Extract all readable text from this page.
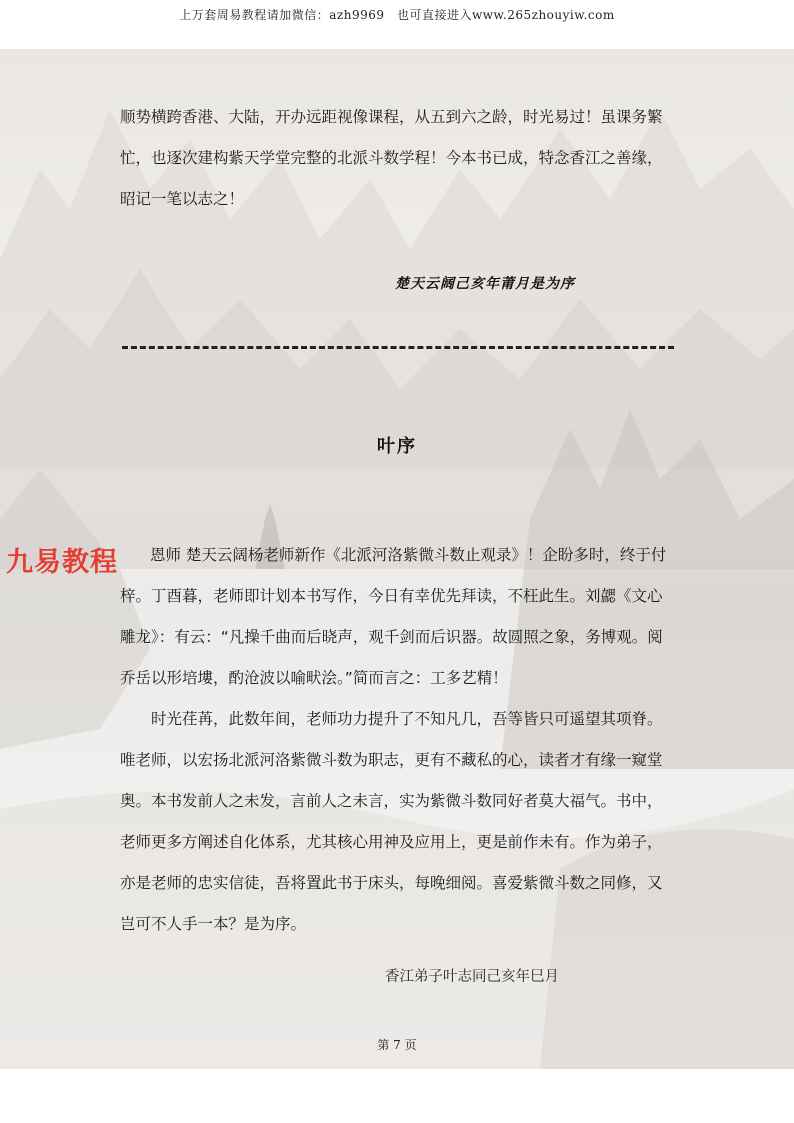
上万套周易教程请加微信：azh9969　也可直接进入www.265zhouyiw.com
顺势横跨香港、大陆，开办远距视像课程，从五到六之龄，时光易过！虽课务繁忙，也逐次建构紫天学堂完整的北派斗数学程！今本书已成，特念香江之善缘，昭记一笔以志之！
楚天云阔己亥年莆月是为序
叶序
九易教程	恩师 楚天云阔杨老师新作《北派河洛紫微斗数止观录》！企盼多时，终于付梓。丁酉暮，老师即计划本书写作，今日有幸优先拜读，不枉此生。刘勰《文心雕龙》：有云：“凡操千曲而后晓声，观千剑而后识器。故圆照之象，务博观。阅乔岳以形培塿，酌沧波以喻畎浍。”简而言之：工多艺精！
时光荏苒，此数年间，老师功力提升了不知凡几，吾等皆只可遥望其项脊。唯老师，以宏扬北派河洛紫微斗数为职志，更有不藏私的心，读者才有缘一窥堂奥。本书发前人之未发，言前人之未言，实为紫微斗数同好者莫大福气。书中，老师更多方阐述自化体系，尤其核心用神及应用上，更是前作未有。作为弟子，亦是老师的忠实信徒，吾将置此书于床头，每晚细阅。喜爱紫微斗数之同修，又岂可不人手一本？是为序。
香江弟子叶志同己亥年巳月
第 7 页
